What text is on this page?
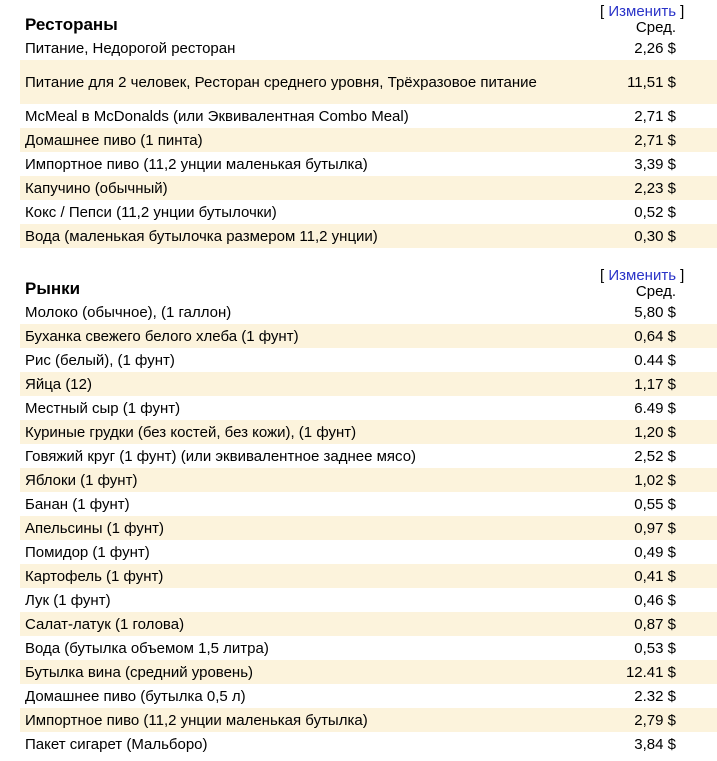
Рестораны	[ Изменить ]	
	Сред.	
Питание, Недорогой ресторан	2,26 $	
Питание для 2 человек, Ресторан среднего уровня, Трёхразовое питание	11,51 $	
McMeal в McDonalds (или Эквивалентная Combo Meal)	2,71 $	
Домашнее пиво (1 пинта)	2,71 $	
Импортное пиво (11,2 унции маленькая бутылка)	3,39 $	
Капучино (обычный)	2,23 $	
Кокс / Пепси (11,2 унции бутылочки)	0,52 $	
Вода (маленькая бутылочка размером 11,2 унции)	0,30 $	
Рынки	[ Изменить ]	
	Сред.	
Молоко (обычное), (1 галлон)	5,80 $	
Буханка свежего белого хлеба (1 фунт)	0,64 $	
Рис (белый), (1 фунт)	0.44 $	
Яйца (12)	1,17 $	
Местный сыр (1 фунт)	6.49 $	
Куриные грудки (без костей, без кожи), (1 фунт)	1,20 $	
Говяжий круг (1 фунт) (или эквивалентное заднее мясо)	2,52 $	
Яблоки (1 фунт)	1,02 $	
Банан (1 фунт)	0,55 $	
Апельсины (1 фунт)	0,97 $	
Помидор (1 фунт)	0,49 $	
Картофель (1 фунт)	0,41 $	
Лук (1 фунт)	0,46 $	
Салат-латук (1 голова)	0,87 $	
Вода (бутылка объемом 1,5 литра)	0,53 $	
Бутылка вина (средний уровень)	12.41 $	
Домашнее пиво (бутылка 0,5 л)	2.32 $	
Импортное пиво (11,2 унции маленькая бутылка)	2,79 $	
Пакет сигарет (Мальборо)	3,84 $	
